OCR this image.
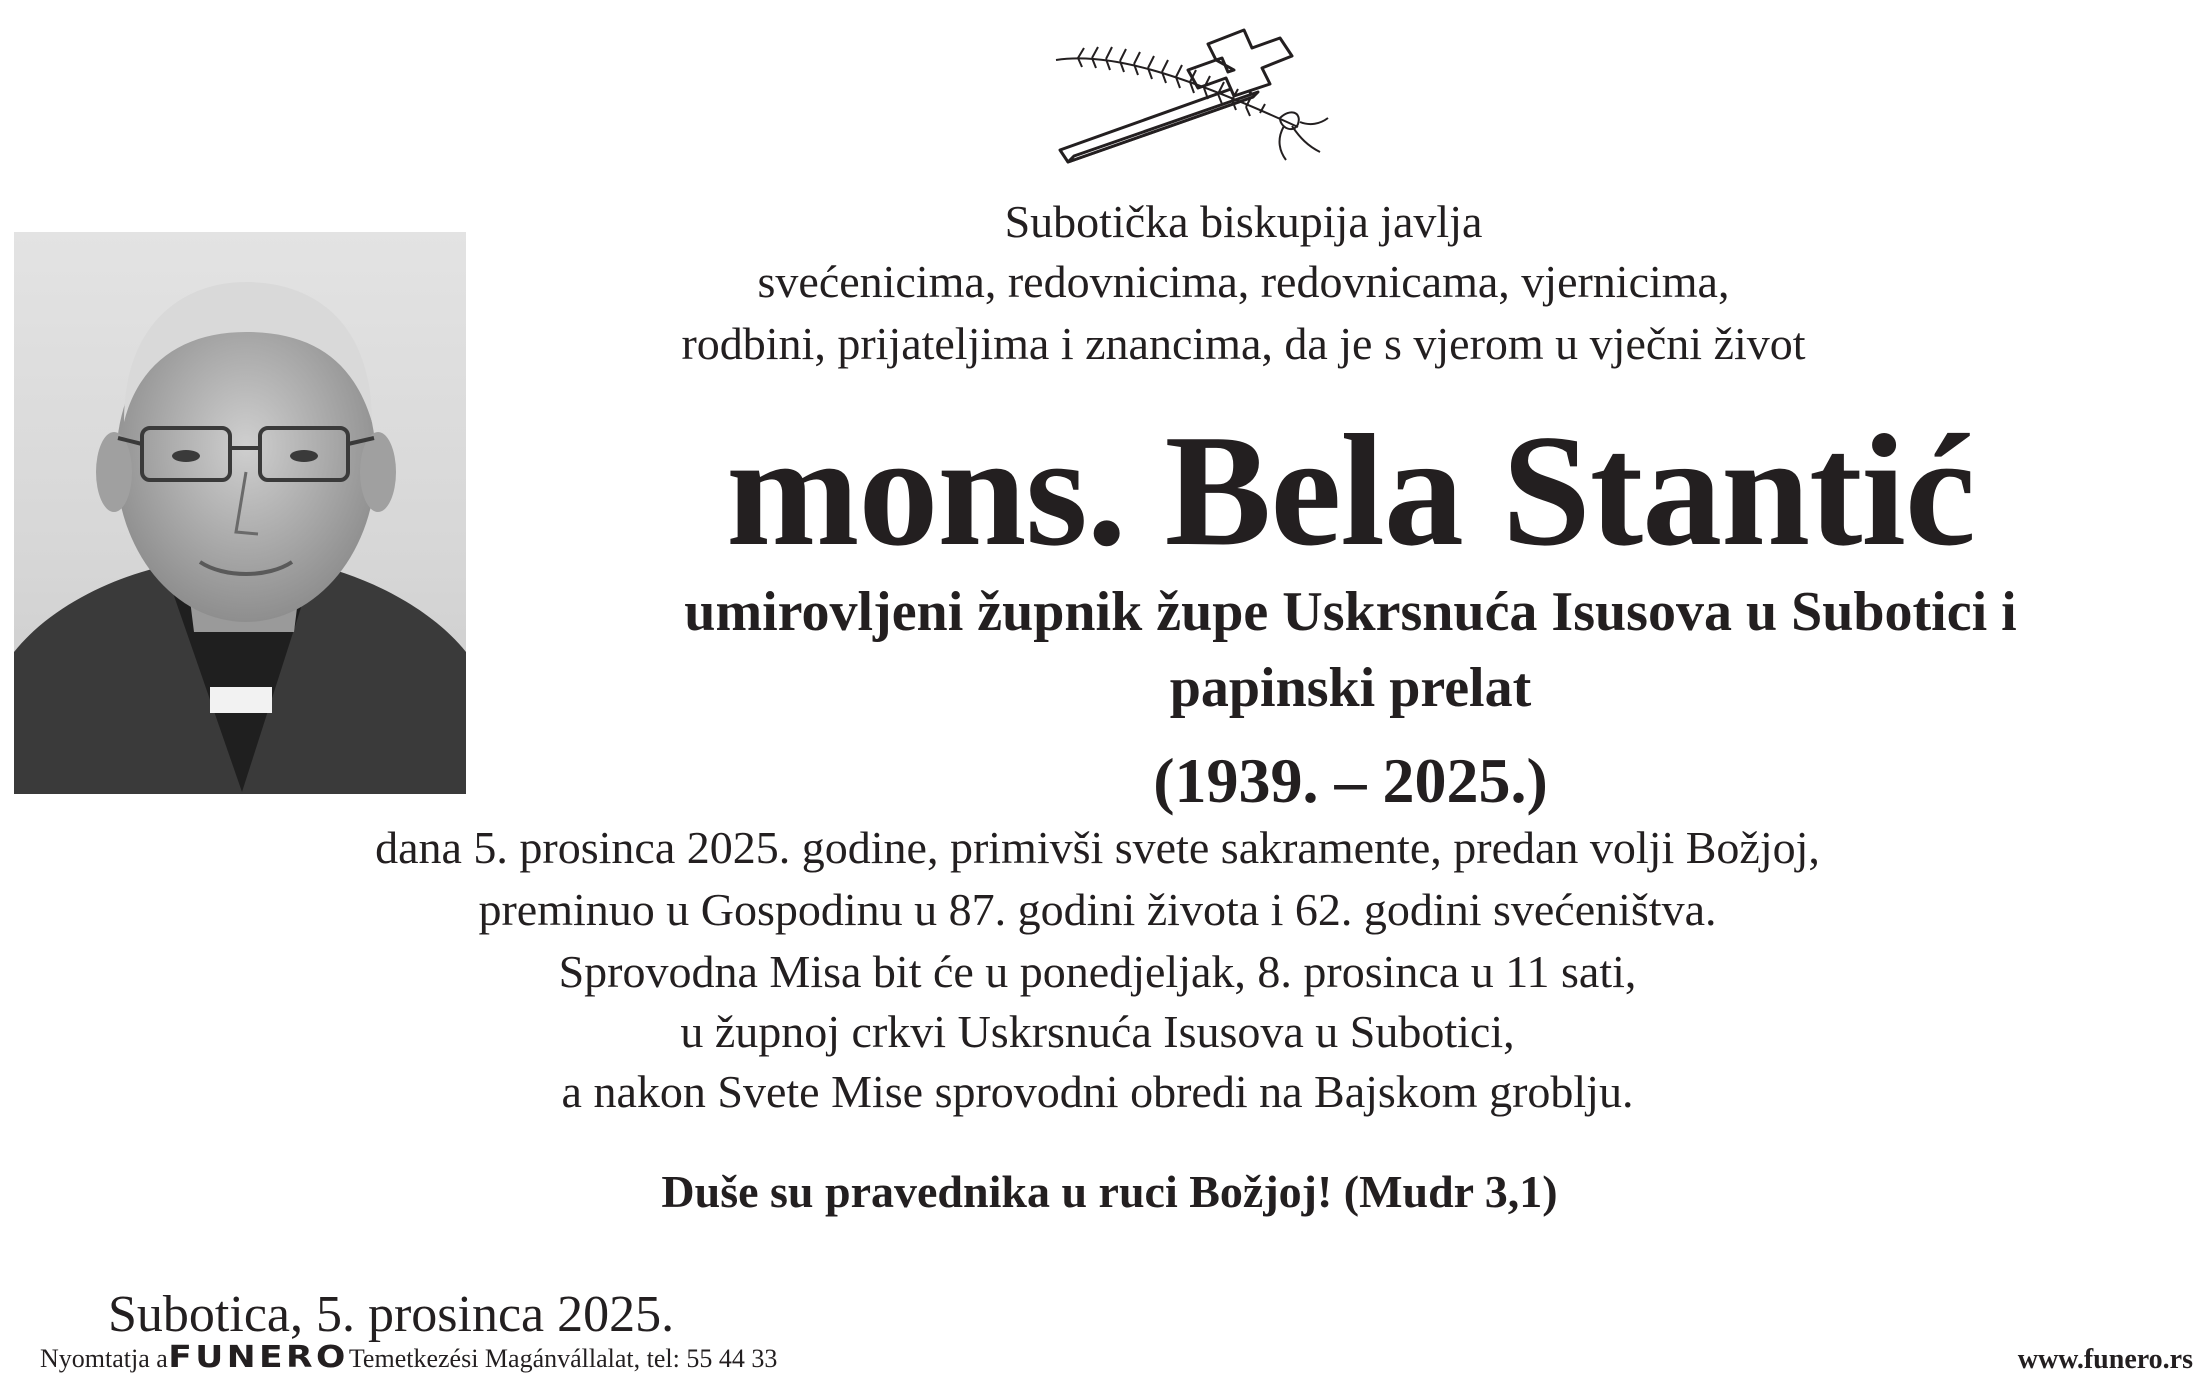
Subotička biskupija javlja
svećenicima, redovnicima, redovnicama, vjernicima,
rodbini, prijateljima i znancima, da je s vjerom u vječni život
mons. Bela Stantić
umirovljeni župnik župe Uskrsnuća Isusova u Subotici i
papinski prelat
(1939. – 2025.)
dana 5. prosinca 2025. godine, primivši svete sakramente, predan volji Božjoj,
preminuo u Gospodinu u 87. godini života i 62. godini svećeništva.
Sprovodna Misa bit će u ponedjeljak, 8. prosinca u 11 sati,
u župnoj crkvi Uskrsnuća Isusova u Subotici,
a nakon Svete Mise sprovodni obredi na Bajskom groblju.
Duše su pravednika u ruci Božjoj! (Mudr 3,1)
Subotica, 5. prosinca 2025.
Nyomtatja aFUNEROTemetkezési Magánvállalat, tel: 55 44 33	www.funero.rs
